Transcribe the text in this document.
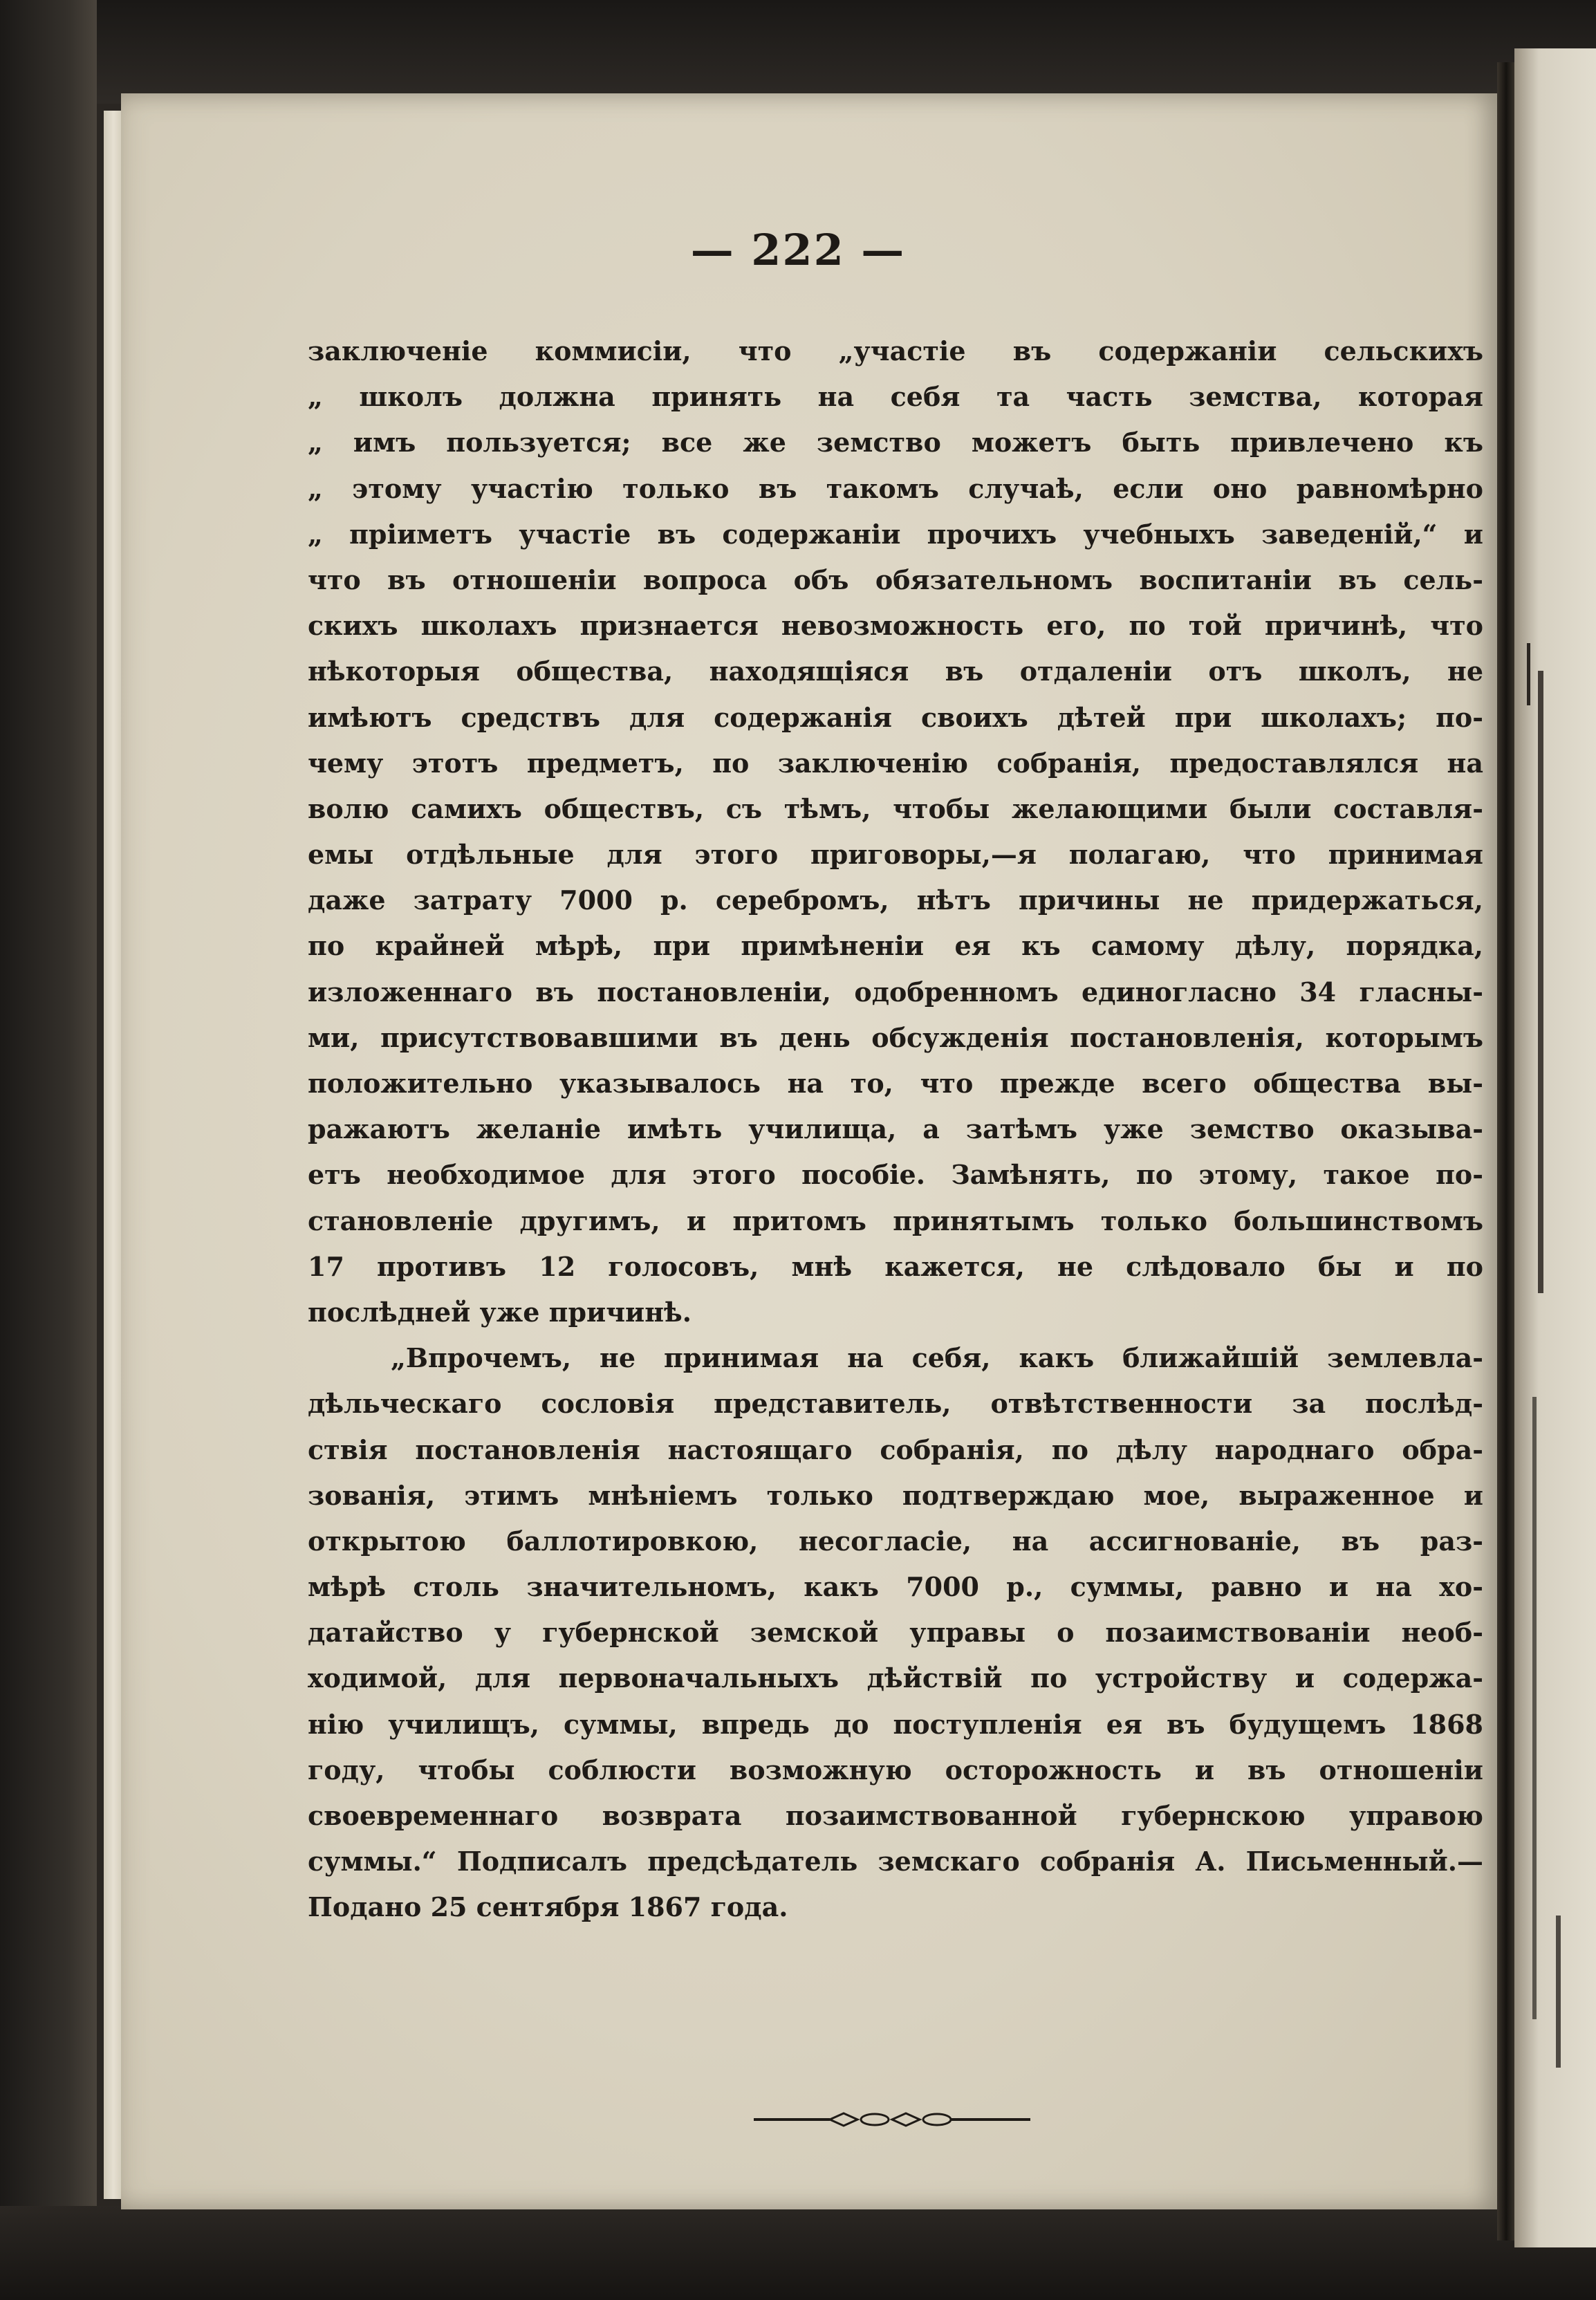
— 222 —
заключеніе коммисіи, что „участіе въ содержаніи сельскихъ
„ школъ должна принять на себя та часть земства, которая
„ имъ пользуется; все же земство можетъ быть привлечено къ
„ этому участію только въ такомъ случаѣ, если оно равномѣрно
„ пріиметъ участіе въ содержаніи прочихъ учебныхъ заведеній,“ и
что въ отношеніи вопроса объ обязательномъ воспитаніи въ сель-
скихъ школахъ признается невозможность его, по той причинѣ, что
нѣкоторыя общества, находящіяся въ отдаленіи отъ школъ, не
имѣютъ средствъ для содержанія своихъ дѣтей при школахъ; по-
чему этотъ предметъ, по заключенію собранія, предоставлялся на
волю самихъ обществъ, съ тѣмъ, чтобы желающими были составля-
емы отдѣльные для этого приговоры,—я полагаю, что принимая
даже затрату 7000 р. серебромъ, нѣтъ причины не придержаться,
по крайней мѣрѣ, при примѣненіи ея къ самому дѣлу, порядка,
изложеннаго въ постановленіи, одобренномъ единогласно 34 гласны-
ми, присутствовавшими въ день обсужденія постановленія, которымъ
положительно указывалось на то, что прежде всего общества вы-
ражаютъ желаніе имѣть училища, а затѣмъ уже земство оказыва-
етъ необходимое для этого пособіе. Замѣнять, по этому, такое по-
становленіе другимъ, и притомъ принятымъ только большинствомъ
17 противъ 12 голосовъ, мнѣ кажется, не слѣдовало бы и по
послѣдней уже причинѣ.
„Впрочемъ, не принимая на себя, какъ ближайшій землевла-
дѣльческаго сословія представитель, отвѣтственности за послѣд-
ствія постановленія настоящаго собранія, по дѣлу народнаго обра-
зованія, этимъ мнѣніемъ только подтверждаю мое, выраженное и
открытою баллотировкою, несогласіе, на ассигнованіе, въ раз-
мѣрѣ столь значительномъ, какъ 7000 р., суммы, равно и на хо-
датайство у губернской земской управы о позаимствованіи необ-
ходимой, для первоначальныхъ дѣйствій по устройству и содержа-
нію училищъ, суммы, впредь до поступленія ея въ будущемъ 1868
году, чтобы соблюсти возможную осторожность и въ отношеніи
своевременнаго возврата позаимствованной губернскою управою
суммы.“ Подписалъ предсѣдатель земскаго собранія А. Письменный.—
Подано 25 сентября 1867 года.
